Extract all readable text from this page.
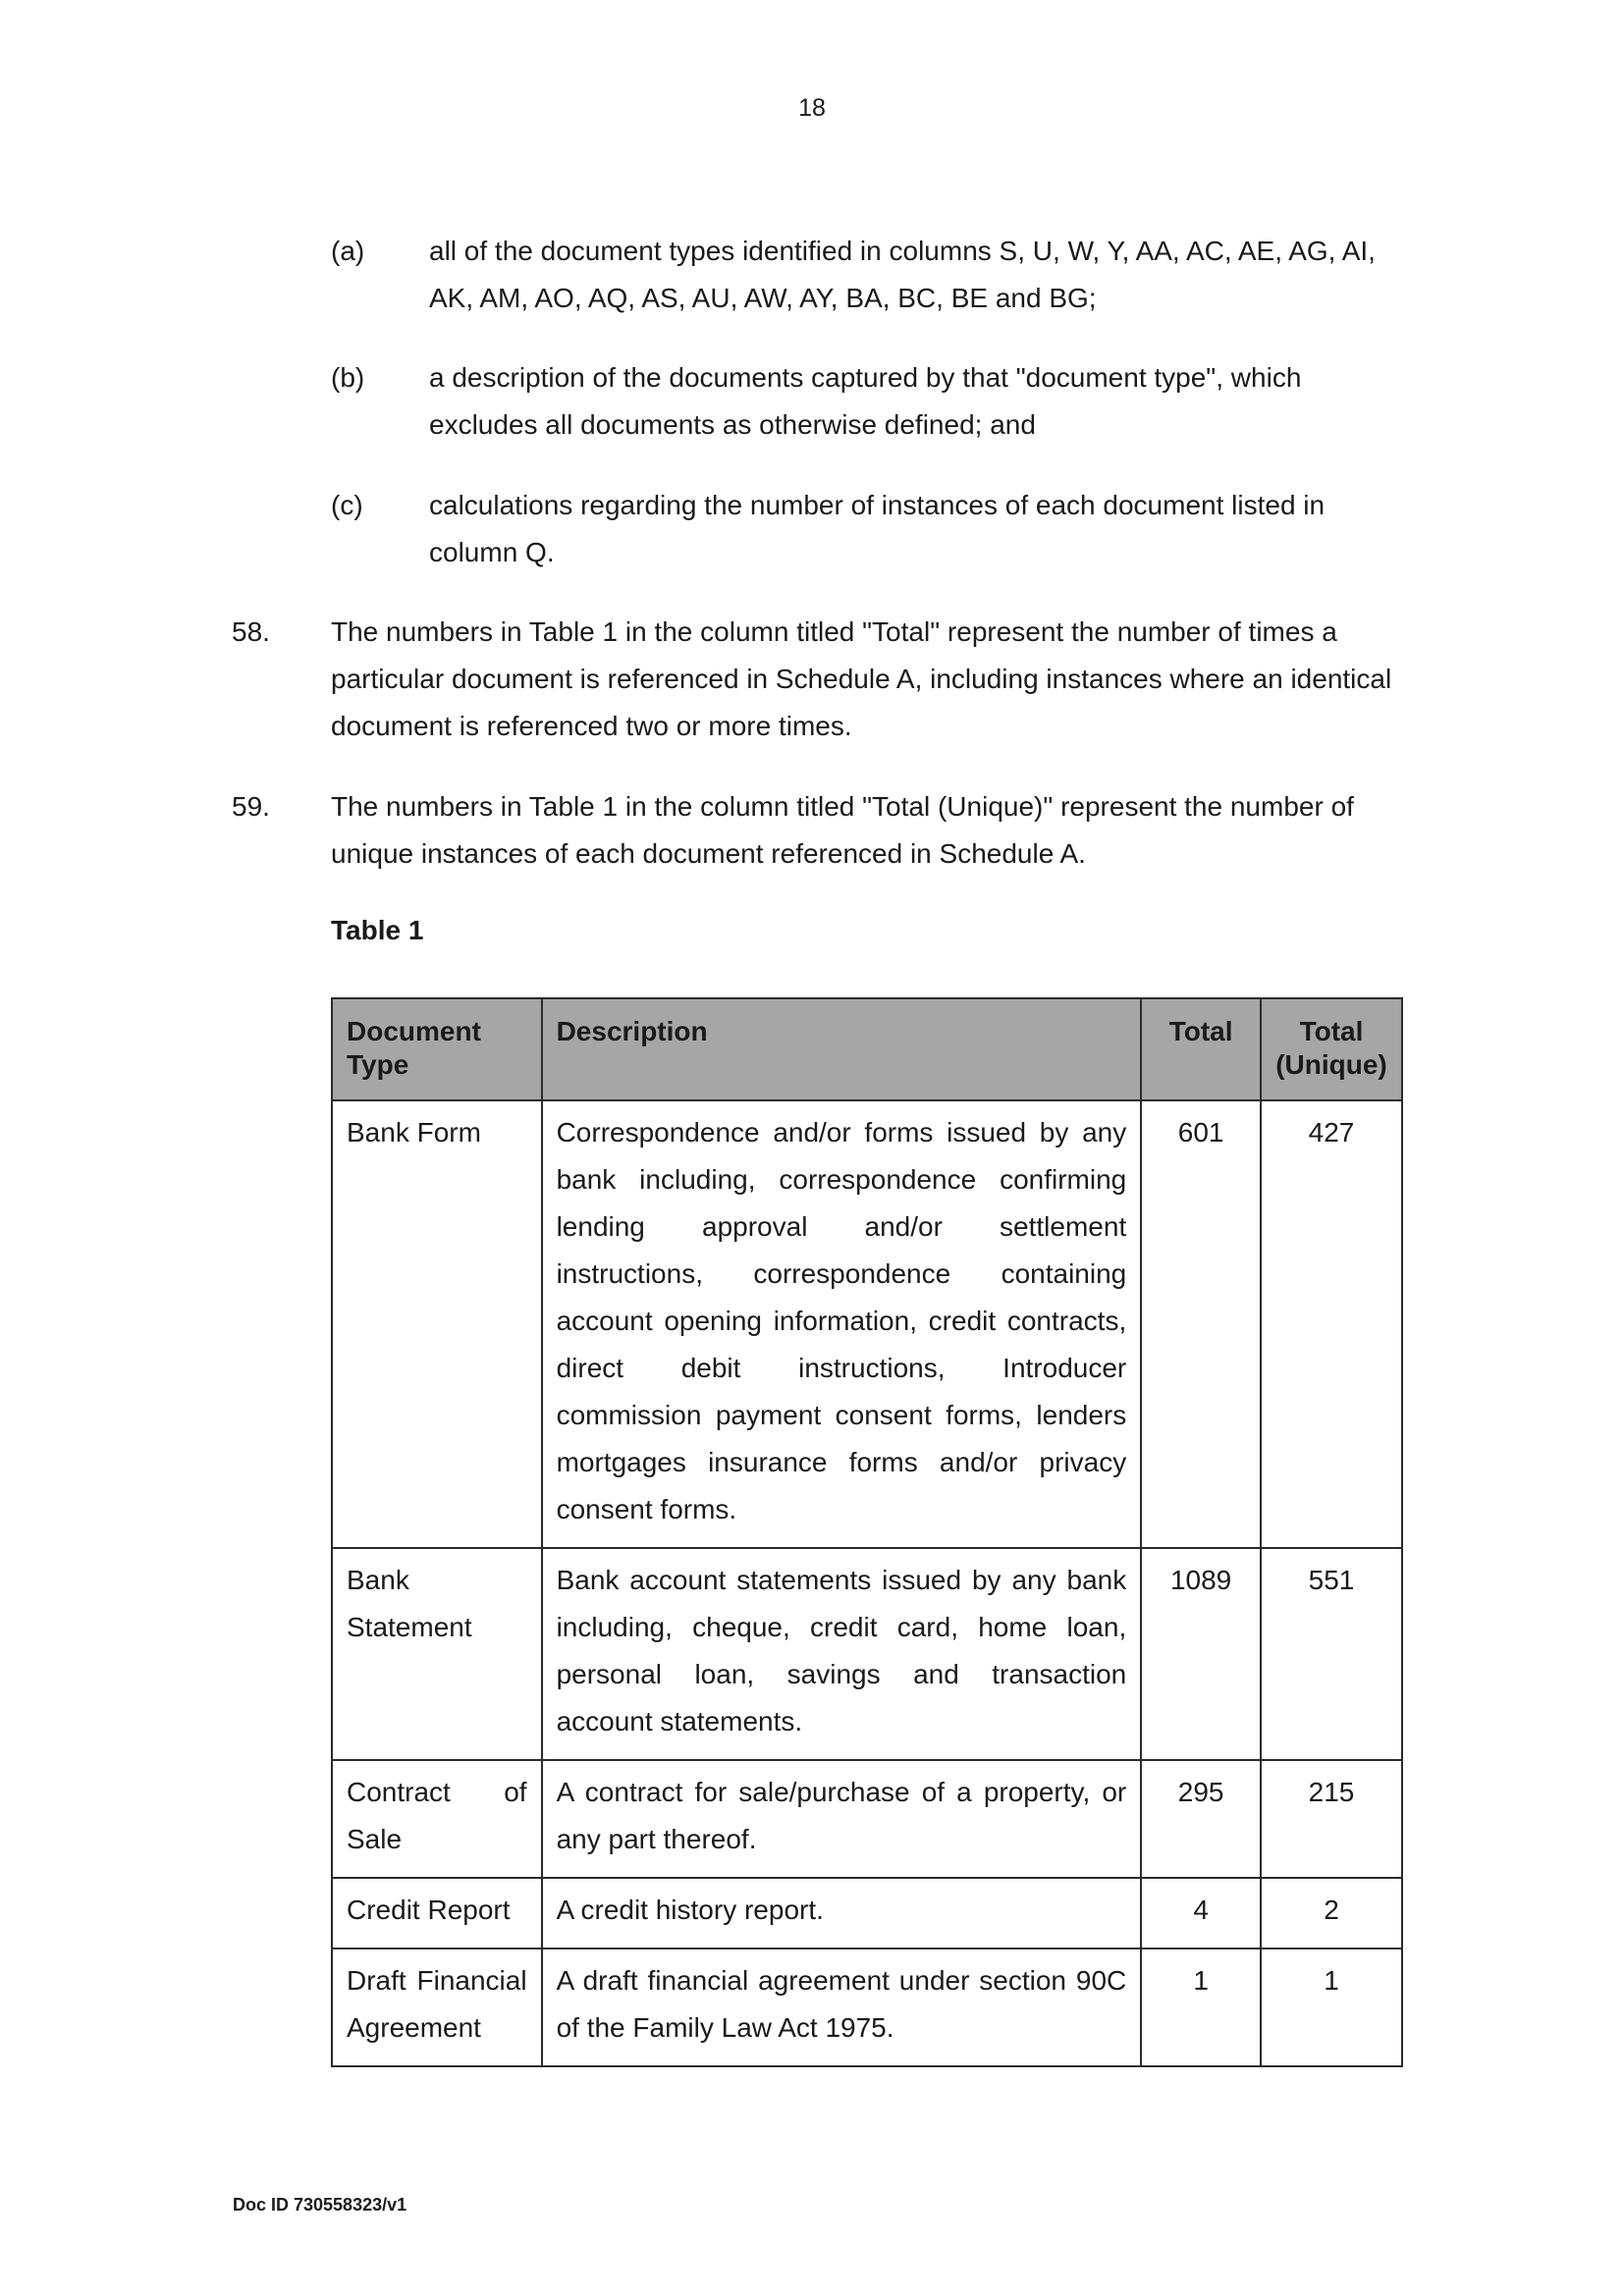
18
(a) all of the document types identified in columns S, U, W, Y, AA, AC, AE, AG, AI, AK, AM, AO, AQ, AS, AU, AW, AY, BA, BC, BE and BG;
(b) a description of the documents captured by that "document type", which excludes all documents as otherwise defined; and
(c) calculations regarding the number of instances of each document listed in column Q.
58. The numbers in Table 1 in the column titled "Total" represent the number of times a particular document is referenced in Schedule A, including instances where an identical document is referenced two or more times.
59. The numbers in Table 1 in the column titled "Total (Unique)" represent the number of unique instances of each document referenced in Schedule A.
Table 1
Document Type	Description	Total	Total (Unique)
Bank Form	Correspondence and/or forms issued by any bank including, correspondence confirming lending approval and/or settlement instructions, correspondence containing account opening information, credit contracts, direct debit instructions, Introducer commission payment consent forms, lenders mortgages insurance forms and/or privacy consent forms.	601	427
Bank Statement	Bank account statements issued by any bank including, cheque, credit card, home loan, personal loan, savings and transaction account statements.	1089	551
Contract of Sale	A contract for sale/purchase of a property, or any part thereof.	295	215
Credit Report	A credit history report.	4	2
Draft Financial Agreement	A draft financial agreement under section 90C of the Family Law Act 1975.	1	1
Doc ID 730558323/v1
